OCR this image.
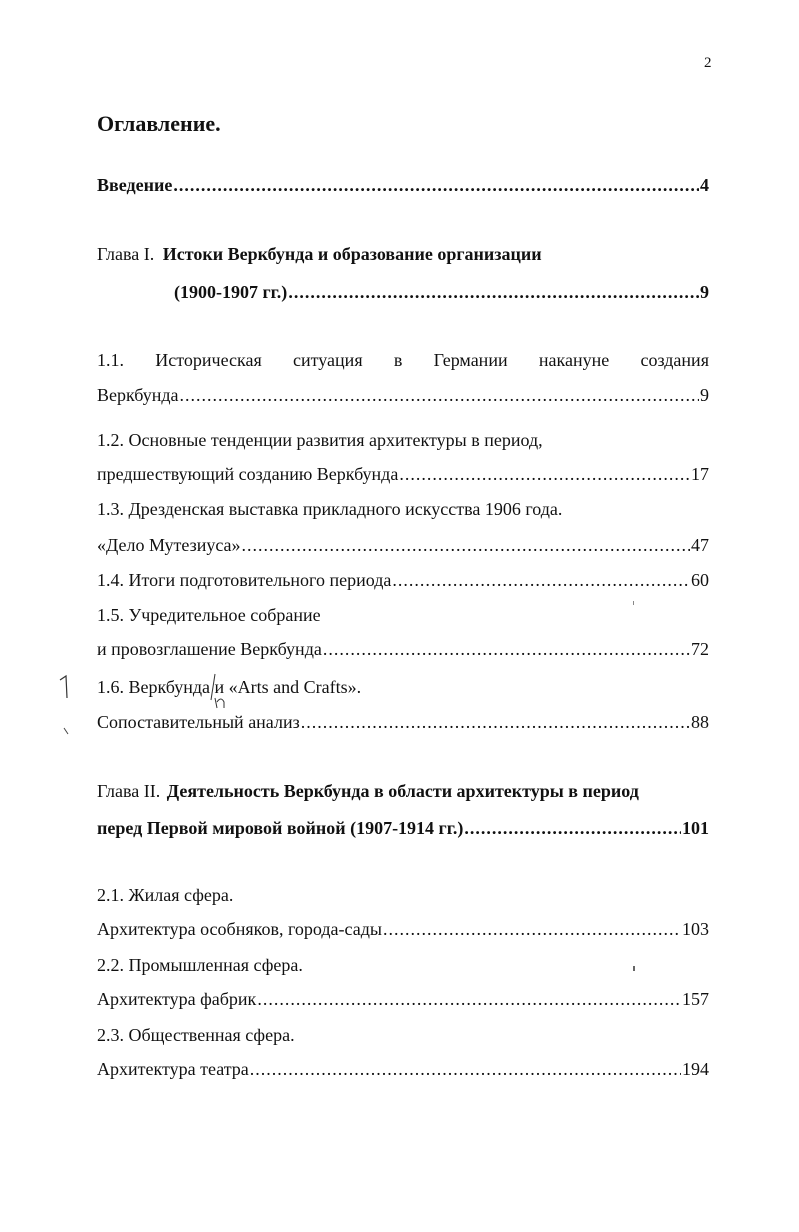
2
Оглавление.
Введение .....	4
Глава I. Истоки Веркбунда и образование организации
(1900-1907 гг.) .....	9
1.1. Историческая ситуация в Германии накануне создания
Веркбунда .....	9
1.2. Основные тенденции развития архитектуры в период,
предшествующий созданию Веркбунда .....	17
1.3. Дрезденская выставка прикладного искусства 1906 года.
«Дело Мутезиуса» .....	47
1.4. Итоги подготовительного периода .....	60
1.5. Учредительное собрание
и провозглашение Веркбунда .....	72
1.6. Веркбунда и «Arts and Crafts».
Сопоставительный анализ .....	88
Глава II. Деятельность Веркбунда в области архитектуры в период
перед Первой мировой войной (1907-1914 гг.) .....	101
2.1. Жилая сфера.
Архитектура особняков, города-сады .....	103
2.2. Промышленная сфера.
Архитектура фабрик .....	157
2.3. Общественная сфера.
Архитектура театра .....	194
